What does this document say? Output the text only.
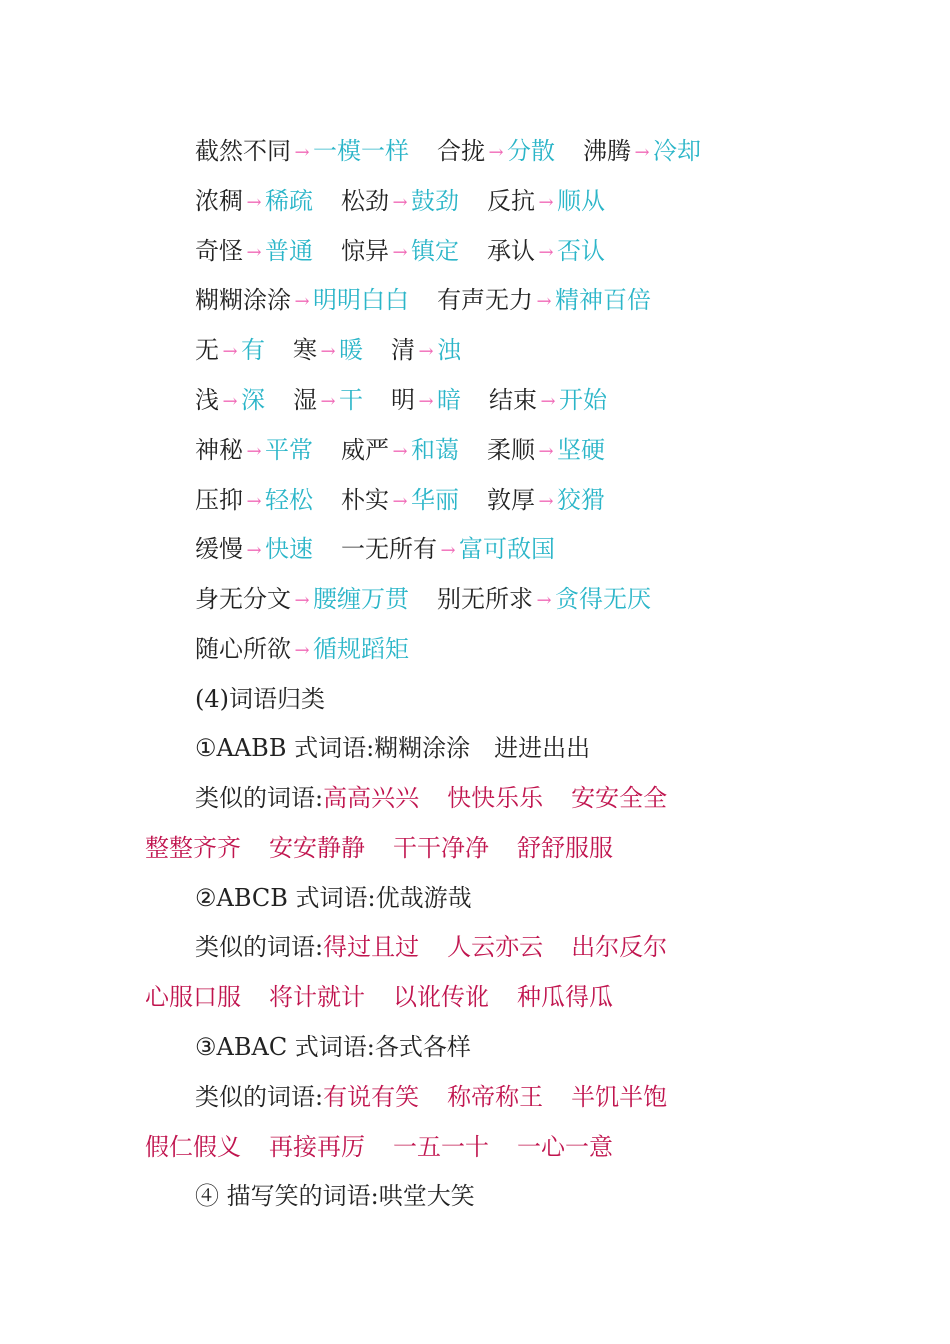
截然不同 → 一模一样 合拢 → 分散 沸腾 → 冷却
浓稠 → 稀疏 松劲 → 鼓劲 反抗 → 顺从
奇怪 → 普通 惊异 → 镇定 承认 → 否认
糊糊涂涂 → 明明白白 有声无力 → 精神百倍
无 → 有 寒 → 暖 清 → 浊
浅 → 深 湿 → 干 明 → 暗 结束 → 开始
神秘 → 平常 威严 → 和蔼 柔顺 → 坚硬
压抑 → 轻松 朴实 → 华丽 敦厚 → 狡猾
缓慢 → 快速 一无所有 → 富可敌国
身无分文 → 腰缠万贯 别无所求 → 贪得无厌
随心所欲 → 循规蹈矩
(4)词语归类
①AABB 式词语:糊糊涂涂　进进出出
类似的词语:高高兴兴 快快乐乐 安安全全
整整齐齐 安安静静 干干净净 舒舒服服
②ABCB 式词语:优哉游哉
类似的词语:得过且过 人云亦云 出尔反尔
心服口服 将计就计 以讹传讹 种瓜得瓜
③ABAC 式词语:各式各样
类似的词语:有说有笑 称帝称王 半饥半饱
假仁假义 再接再厉 一五一十 一心一意
④ 描写笑的词语:哄堂大笑
